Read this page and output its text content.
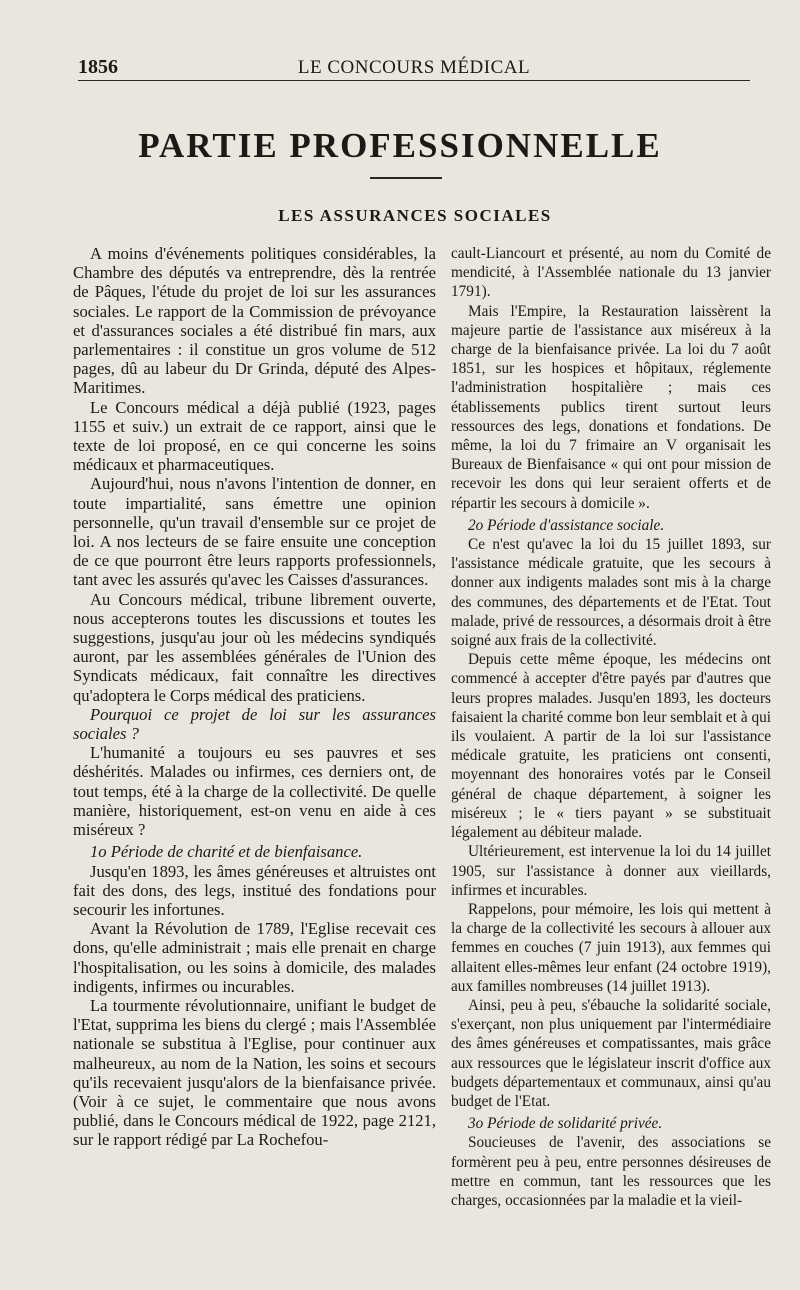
1856	LE CONCOURS MÉDICAL
PARTIE PROFESSIONNELLE
LES ASSURANCES SOCIALES

A moins d'événements politiques considérables, la Chambre des députés va entreprendre, dès la rentrée de Pâques, l'étude du projet de loi sur les assurances sociales. Le rapport de la Commission de prévoyance et d'assurances sociales a été distribué fin mars, aux parlementaires : il constitue un gros volume de 512 pages, dû au labeur du Dr Grinda, député des Alpes-Maritimes.

Le Concours médical a déjà publié (1923, pages 1155 et suiv.) un extrait de ce rapport, ainsi que le texte de loi proposé, en ce qui concerne les soins médicaux et pharmaceutiques.

Aujourd'hui, nous n'avons l'intention de donner, en toute impartialité, sans émettre une opinion personnelle, qu'un travail d'ensemble sur ce projet de loi. A nos lecteurs de se faire ensuite une conception de ce que pourront être leurs rapports professionnels, tant avec les assurés qu'avec les Caisses d'assurances.

Au Concours médical, tribune librement ouverte, nous accepterons toutes les discussions et toutes les suggestions, jusqu'au jour où les médecins syndiqués auront, par les assemblées générales de l'Union des Syndicats médicaux, fait connaître les directives qu'adoptera le Corps médical des praticiens.

Pourquoi ce projet de loi sur les assurances sociales ?

L'humanité a toujours eu ses pauvres et ses déshérités. Malades ou infirmes, ces derniers ont, de tout temps, été à la charge de la collectivité. De quelle manière, historiquement, est-on venu en aide à ces miséreux ?

1o Période de charité et de bienfaisance.

Jusqu'en 1893, les âmes généreuses et altruistes ont fait des dons, des legs, institué des fondations pour secourir les infortunes.

Avant la Révolution de 1789, l'Eglise recevait ces dons, qu'elle administrait ; mais elle prenait en charge l'hospitalisation, ou les soins à domicile, des malades indigents, infirmes ou incurables.

La tourmente révolutionnaire, unifiant le budget de l'Etat, supprima les biens du clergé ; mais l'Assemblée nationale se substitua à l'Eglise, pour continuer aux malheureux, au nom de la Nation, les soins et secours qu'ils recevaient jusqu'alors de la bienfaisance privée. (Voir à ce sujet, le commentaire que nous avons publié, dans le Concours médical de 1922, page 2121, sur le rapport rédigé par La Rochefou-

cault-Liancourt et présenté, au nom du Comité de mendicité, à l'Assemblée nationale du 13 janvier 1791).

Mais l'Empire, la Restauration laissèrent la majeure partie de l'assistance aux miséreux à la charge de la bienfaisance privée. La loi du 7 août 1851, sur les hospices et hôpitaux, réglemente l'administration hospitalière ; mais ces établissements publics tirent surtout leurs ressources des legs, donations et fondations. De même, la loi du 7 frimaire an V organisait les Bureaux de Bienfaisance « qui ont pour mission de recevoir les dons qui leur seraient offerts et de répartir les secours à domicile ».

2o Période d'assistance sociale.

Ce n'est qu'avec la loi du 15 juillet 1893, sur l'assistance médicale gratuite, que les secours à donner aux indigents malades sont mis à la charge des communes, des départements et de l'Etat. Tout malade, privé de ressources, a désormais droit à être soigné aux frais de la collectivité.

Depuis cette même époque, les médecins ont commencé à accepter d'être payés par d'autres que leurs propres malades. Jusqu'en 1893, les docteurs faisaient la charité comme bon leur semblait et à qui ils voulaient. A partir de la loi sur l'assistance médicale gratuite, les praticiens ont consenti, moyennant des honoraires votés par le Conseil général de chaque département, à soigner les miséreux ; le « tiers payant » se substituait légalement au débiteur malade.

Ultérieurement, est intervenue la loi du 14 juillet 1905, sur l'assistance à donner aux vieillards, infirmes et incurables.

Rappelons, pour mémoire, les lois qui mettent à la charge de la collectivité les secours à allouer aux femmes en couches (7 juin 1913), aux femmes qui allaitent elles-mêmes leur enfant (24 octobre 1919), aux familles nombreuses (14 juillet 1913).

Ainsi, peu à peu, s'ébauche la solidarité sociale, s'exerçant, non plus uniquement par l'intermédiaire des âmes généreuses et compatissantes, mais grâce aux ressources que le législateur inscrit d'office aux budgets départementaux et communaux, ainsi qu'au budget de l'Etat.

3o Période de solidarité privée.

Soucieuses de l'avenir, des associations se formèrent peu à peu, entre personnes désireuses de mettre en commun, tant les ressources que les charges, occasionnées par la maladie et la vieil-
